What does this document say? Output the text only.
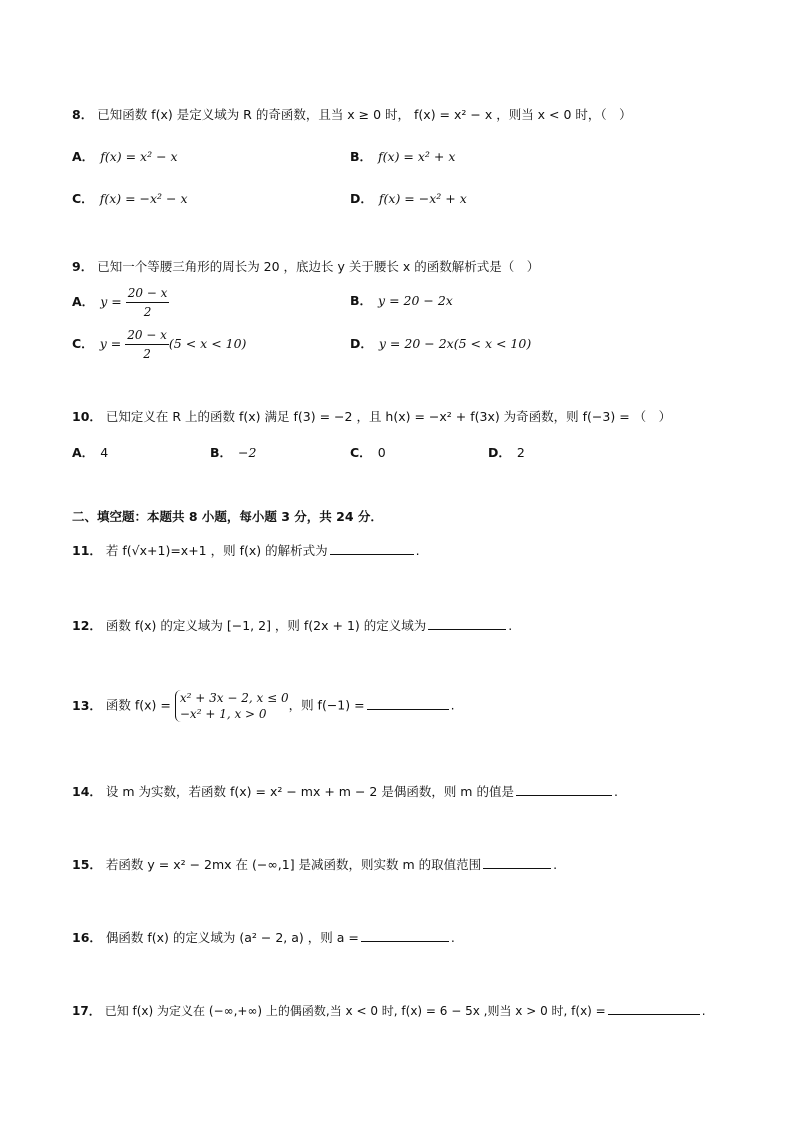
8． 已知函数 f(x) 是定义域为 R 的奇函数，且当 x ≥ 0 时， f(x) = x² − x ，则当 x < 0 时，（　）
A． f(x) = x² − x	B． f(x) = x² + x
C． f(x) = −x² − x	D． f(x) = −x² + x
9． 已知一个等腰三角形的周长为 20 ，底边长 y 关于腰长 x 的函数解析式是（　）
A． $y = \frac{20 - x}{2}$	B． y = 20 − 2x
C． $y = \frac{20 - x}{2} (5 < x < 10)$	D． y = 20 − 2x(5 < x < 10)
10． 已知定义在 R 上的函数 f(x) 满足 f(3) = −2 ，且 h(x) = −x² + f(3x) 为奇函数，则 f(−3) = （　）
A． 4	B． −2	C． 0	D． 2
二、填空题：本题共 8 小题，每小题 3 分，共 24 分．
11． 若 f(√x+1)=x+1 ，则 f(x) 的解析式为	.
12． 函数 f(x) 的定义域为 [−1, 2] ，则 f(2x + 1) 的定义域为	.
13． 函数 f(x) = x² + 3x − 2, x ≤ 0
−x² + 1, x > 0
，则 f(−1) =	.
14． 设 m 为实数，若函数 f(x) = x² − mx + m − 2 是偶函数，则 m 的值是	.
15． 若函数 y = x² − 2mx 在 (−∞,1] 是减函数，则实数 m 的取值范围	.
16． 偶函数 f(x) 的定义域为 (a² − 2, a) ，则 a =	.
17． 已知 f(x) 为定义在 (−∞,+∞) 上的偶函数,当 x < 0 时, f(x) = 6 − 5x ,则当 x > 0 时, f(x) =	.
